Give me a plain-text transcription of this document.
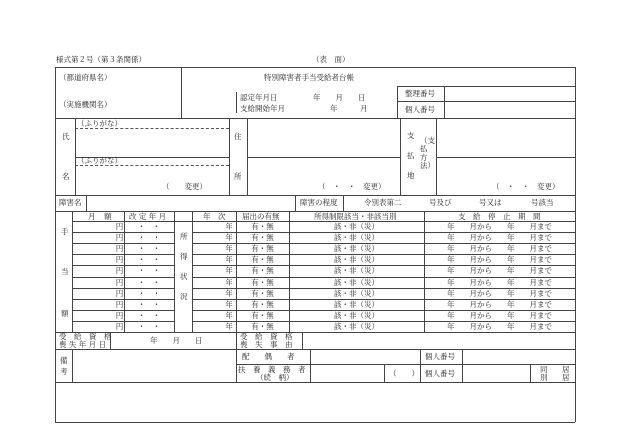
様式第２号（第３条関係）	（表　面）
（都道府県名）
（実施機関名）
特別障害者手当受給者台帳
認定年月日	年　　月　　日
支給開始年月	年　　　月
整理番号
個人番号
氏
名
（ふりがな）
（ふりがな）
（　　変更）
住
所
（　・　・　変更）
支
払
地
（支払方法）
（　・　・　変更）
障害名	障害の程度	令別表第二	号及び	号又は	号該当
月 額 改 定 年 月	年　次 届出の有無	所得制限該当・非該当別	支　給　停　止　期　間
手
当
額
所
得
状
況
円	・　・	年	有・無	該・非（災）	年　　月から　　年　　月まで
円	・　・	年	有・無	該・非（災）	年　　月から　　年　　月まで
円	・　・	年	有・無	該・非（災）	年　　月から　　年　　月まで
円	・　・	年	有・無	該・非（災）	年　　月から　　年　　月まで
円	・　・	年	有・無	該・非（災）	年　　月から　　年　　月まで
円	・　・	年	有・無	該・非（災）	年　　月から　　年　　月まで
円	・　・	年	有・無	該・非（災）	年　　月から　　年　　月まで
円	・　・	年	有・無	該・非（災）	年　　月から　　年　　月まで
円	・　・	年	有・無	該・非（災）	年　　月から　　年　　月まで
円	・　・	年	有・無	該・非（災）	年　　月から　　年　　月まで
受　給　資　格
喪 失 年 月 日	年　　月　　日	受　給　資　格
喪　失　事　由
備
考
配　　偶　　者	個人番号
扶　養　義　務　者
（続　柄）	（　　） 個人番号	同 居
別 居
